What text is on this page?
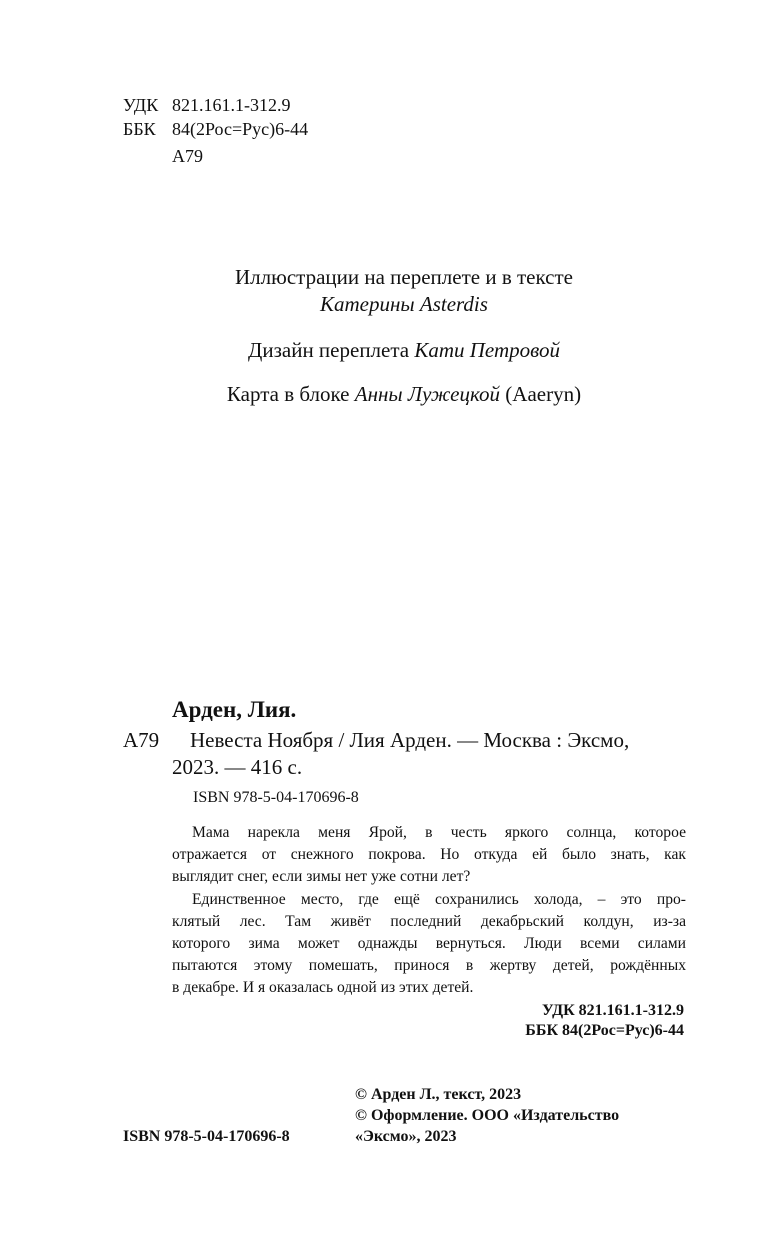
УДК 821.161.1-312.9
ББК 84(2Рос=Рус)6-44
А79
Иллюстрации на переплете и в тексте
Катерины Asterdis
Дизайн переплета Кати Петровой
Карта в блоке Анны Лужецкой (Aaeryn)
Арден, Лия.
А79 Невеста Ноября / Лия Арден. — Москва : Эксмо,
2023. — 416 с.
ISBN 978-5-04-170696-8
Мама нарекла меня Ярой, в честь яркого солнца, которое
отражается от снежного покрова. Но откуда ей было знать, как
выглядит снег, если зимы нет уже сотни лет?
Единственное место, где ещё сохранились холода, – это про-
клятый лес. Там живёт последний декабрьский колдун, из-за
которого зима может однажды вернуться. Люди всеми силами
пытаются этому помешать, принося в жертву детей, рождённых
в декабре. И я оказалась одной из этих детей.
УДК 821.161.1-312.9
ББК 84(2Рос=Рус)6-44
© Арден Л., текст, 2023
© Оформление. ООО «Издательство
«Эксмо», 2023
ISBN 978-5-04-170696-8
